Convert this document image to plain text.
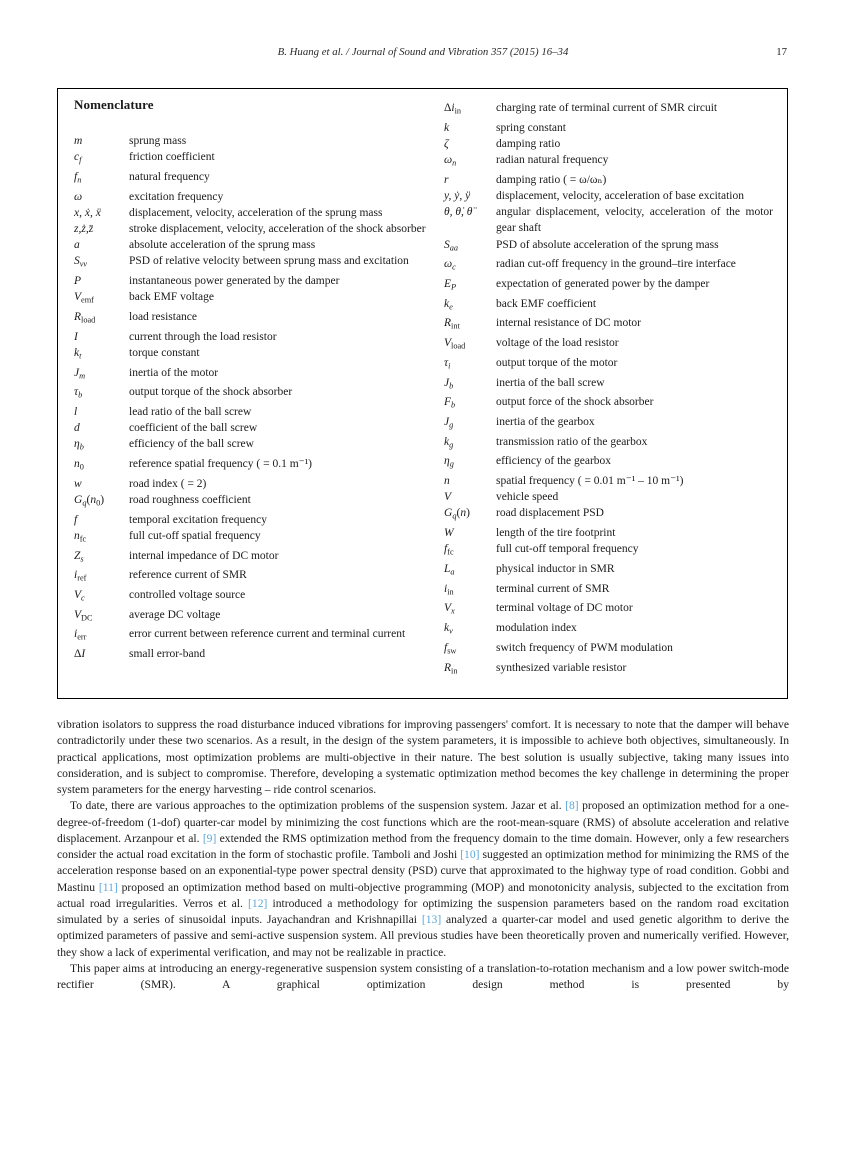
B. Huang et al. / Journal of Sound and Vibration 357 (2015) 16–34	17
Nomenclature
m	sprung mass
$c_f$	friction coefficient
$f_n$	natural frequency
ω	excitation frequency
x, ẋ, ẍ	displacement, velocity, acceleration of the sprung mass
z,ż,z̈	stroke displacement, velocity, acceleration of the shock absorber
a	absolute acceleration of the sprung mass
$S_{vv}$	PSD of relative velocity between sprung mass and excitation
P	instantaneous power generated by the damper
$V_{emf}$	back EMF voltage
$R_{load}$	load resistance
I	current through the load resistor
$k_t$	torque constant
$J_m$	inertia of the motor
$\tau_b$	output torque of the shock absorber
l	lead ratio of the ball screw
d	coefficient of the ball screw
$\eta_b$	efficiency of the ball screw
$n_0$	reference spatial frequency ( = 0.1 m⁻¹)
w	road index ( = 2)
$G_q(n_0)$	road roughness coefficient
f	temporal excitation frequency
$n_{fc}$	full cut-off spatial frequency
$Z_s$	internal impedance of DC motor
$i_{ref}$	reference current of SMR
$V_c$	controlled voltage source
$V_{DC}$	average DC voltage
$i_{err}$	error current between reference current and terminal current
ΔI	small error-band
$\Delta i_{in}$	charging rate of terminal current of SMR circuit
k	spring constant
ζ	damping ratio
$\omega_n$	radian natural frequency
r	damping ratio ( = ω/ωₙ)
y, ẏ, ÿ	displacement, velocity, acceleration of base excitation
θ, θ̇, θ̈	angular displacement, velocity, acceleration of the motor gear shaft
$S_{aa}$	PSD of absolute acceleration of the sprung mass
$\omega_c$	radian cut-off frequency in the ground–tire interface
$E_P$	expectation of generated power by the damper
$k_e$	back EMF coefficient
$R_{int}$	internal resistance of DC motor
$V_{load}$	voltage of the load resistor
$\tau_i$	output torque of the motor
$J_b$	inertia of the ball screw
$F_b$	output force of the shock absorber
$J_g$	inertia of the gearbox
$k_g$	transmission ratio of the gearbox
$\eta_g$	efficiency of the gearbox
n	spatial frequency ( = 0.01 m⁻¹ – 10 m⁻¹)
V	vehicle speed
$G_q(n)$	road displacement PSD
W	length of the tire footprint
$f_{fc}$	full cut-off temporal frequency
$L_a$	physical inductor in SMR
$i_{in}$	terminal current of SMR
$V_x$	terminal voltage of DC motor
$k_v$	modulation index
$f_{sw}$	switch frequency of PWM modulation
$R_{in}$	synthesized variable resistor

vibration isolators to suppress the road disturbance induced vibrations for improving passengers' comfort. It is necessary to note that the damper will behave contradictorily under these two scenarios. As a result, in the design of the system parameters, it is impossible to achieve both objectives, simultaneously. In practical applications, most optimization problems are multi-objective in their nature. The best solution is usually subjective, taking many issues into consideration, and is subject to compromise. Therefore, developing a systematic optimization method becomes the key challenge in determining the proper system parameters for the energy harvesting – ride control scenarios.

To date, there are various approaches to the optimization problems of the suspension system. Jazar et al. [8] proposed an optimization method for a one-degree-of-freedom (1-dof) quarter-car model by minimizing the cost functions which are the root-mean-square (RMS) of absolute acceleration and relative displacement. Arzanpour et al. [9] extended the RMS optimization method from the frequency domain to the time domain. However, only a few researchers consider the actual road excitation in the form of stochastic profile. Tamboli and Joshi [10] suggested an optimization method for minimizing the RMS of the acceleration response based on an exponential-type power spectral density (PSD) curve that approximated to the highway type of road condition. Gobbi and Mastinu [11] proposed an optimization method based on multi-objective programming (MOP) and monotonicity analysis, subjected to the excitation from actual road irregularities. Verros et al. [12] introduced a methodology for optimizing the suspension parameters based on the random road excitation simulated by a series of sinusoidal inputs. Jayachandran and Krishnapillai [13] analyzed a quarter-car model and used genetic algorithm to derive the optimized parameters of passive and semi-active suspension system. All previous studies have been theoretically proven and numerically verified. However, they show a lack of experimental verification, and may not be realizable in practice.

This paper aims at introducing an energy-regenerative suspension system consisting of a translation-to-rotation mechanism and a low power switch-mode rectifier (SMR). A graphical optimization design method is presented by
